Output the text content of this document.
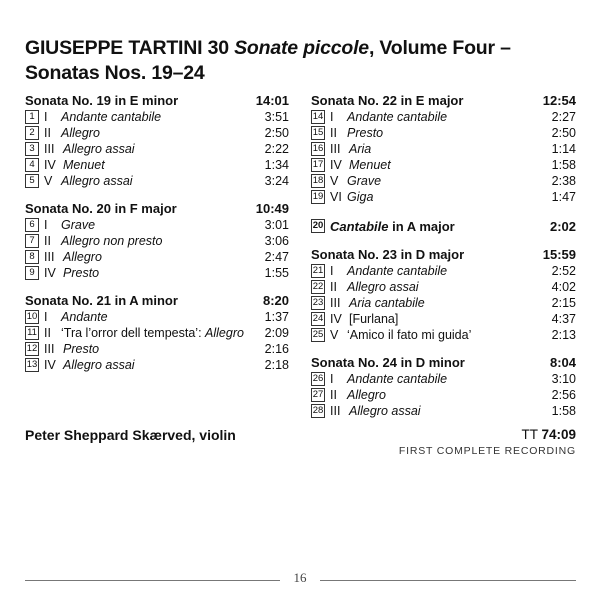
GIUSEPPE TARTINI 30 Sonate piccole, Volume Four –
Sonatas Nos. 19–24
Sonata No. 19 in E minor	14:01
1 I	Andante cantabile	3:51
2 II Allegro	2:50
3 III Allegro assai	2:22
4 IV Menuet	1:34
5 V Allegro assai	3:24
Sonata No. 20 in F major	10:49
6 I	Grave	3:01
7 II Allegro non presto	3:06
8 III Allegro	2:47
9 IV Presto	1:55
Sonata No. 21 in A minor	8:20
10 I	Andante	1:37
11 II ‘Tra l’orror dell tempesta’: Allegro	2:09
12 III Presto	2:16
13 IV Allegro assai	2:18
Sonata No. 22 in E major	12:54
14 I	Andante cantabile	2:27
15 II Presto	2:50
16 III Aria	1:14
17 IV Menuet	1:58
18 V Grave	2:38
19 VI Giga	1:47
20 Cantabile in A major	2:02
Sonata No. 23 in D major	15:59
21 I	Andante cantabile	2:52
22 II Allegro assai	4:02
23 III Aria cantabile	2:15
24 IV [Furlana]	4:37
25 V ‘Amico il fato mi guida’	2:13
Sonata No. 24 in D minor	8:04
26 I	Andante cantabile	3:10
27 II Allegro	2:56
28 III Allegro assai	1:58
Peter Sheppard Skærved, violin	TT 74:09
FIRST COMPLETE RECORDING
16
